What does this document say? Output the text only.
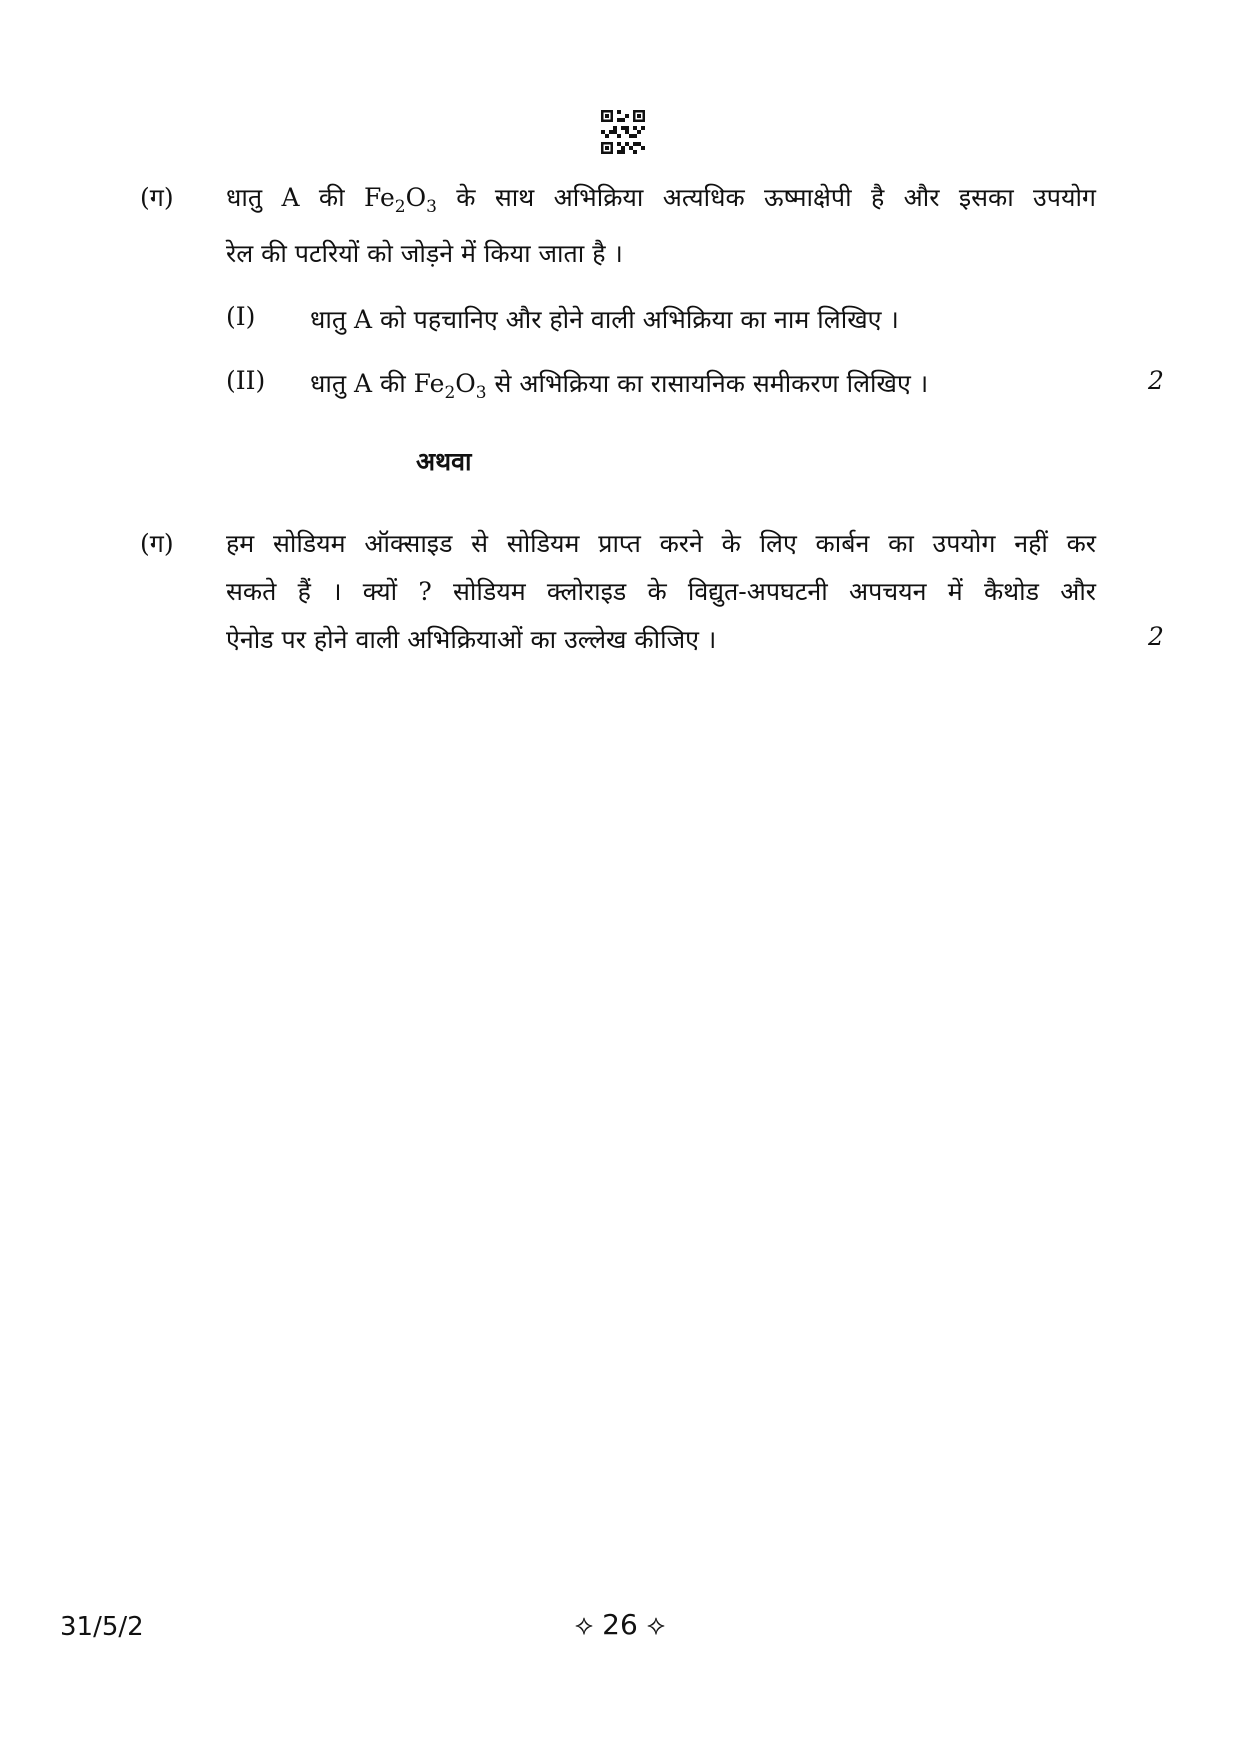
(ग) धातु A की $Fe_2O_3$ के साथ अभिक्रिया अत्यधिक ऊष्माक्षेपी है और इसका उपयोग
रेल की पटरियों को जोड़ने में किया जाता है ।
(I) धातु A को पहचानिए और होने वाली अभिक्रिया का नाम लिखिए ।
(II) धातु A की $Fe_2O_3$ से अभिक्रिया का रासायनिक समीकरण लिखिए ।	2
अथवा
(ग) हम सोडियम ऑक्साइड से सोडियम प्राप्त करने के लिए कार्बन का उपयोग नहीं कर
सकते हैं । क्यों ? सोडियम क्लोराइड के विद्युत-अपघटनी अपचयन में कैथोड और
ऐनोड पर होने वाली अभिक्रियाओं का उल्लेख कीजिए ।	2
31/5/2	⟡ 26 ⟡
